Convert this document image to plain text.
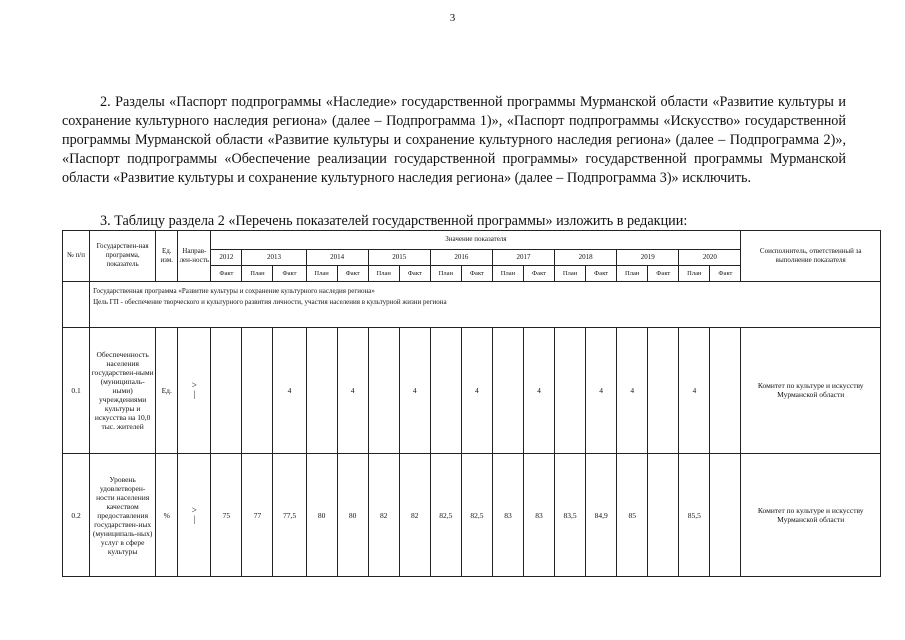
3

2. Разделы «Паспорт подпрограммы «Наследие» государственной программы Мурманской области «Развитие культуры и сохранение культурного наследия региона» (далее – Подпрограмма 1)», «Паспорт подпрограммы «Искусство» государственной программы Мурманской области «Развитие культуры и сохранение культурного наследия региона» (далее – Подпрограмма 2)», «Паспорт подпрограммы «Обеспечение реализации государственной программы» государственной программы Мурманской области «Развитие культуры и сохранение культурного наследия региона» (далее – Подпрограмма 3)» исключить.

3. Таблицу раздела 2 «Перечень показателей государственной программы» изложить в редакции:

№ п/п	Государствен-ная программа, показатель	Ед. изм.	Направ-лен-ность	Значение показателя																	Соисполнитель, ответственный за выполнение показателя
				2012	2013		2014		2015		2016		2017		2018		2019		2020		
				Факт	План	Факт	План	Факт	План	Факт	План	Факт	План	Факт	План	Факт	План	Факт	План	Факт	

	Государственная программа «Развитие культуры и сохранение культурного наследия региона»
Цель ГП - обеспечение творческого и культурного развития личности, участия населения в культурной жизни региона																				

0.1	Обеспеченность населения государствен-ными (муниципаль-ными) учреждениями культуры и искусства на 10,0 тыс. жителей	Ед.	>
|			4		4		4		4		4		4	4		4		Комитет по культуре и искусству Мурманской области
0.2	Уровень удовлетворен-ности населения качеством предоставления государствен-ных (муниципаль-ных) услуг в сфере культуры	%	>
|	75	77	77,5	80	80	82	82	82,5	82,5	83	83	83,5	84,9	85		85,5		Комитет по культуре и искусству Мурманской области
